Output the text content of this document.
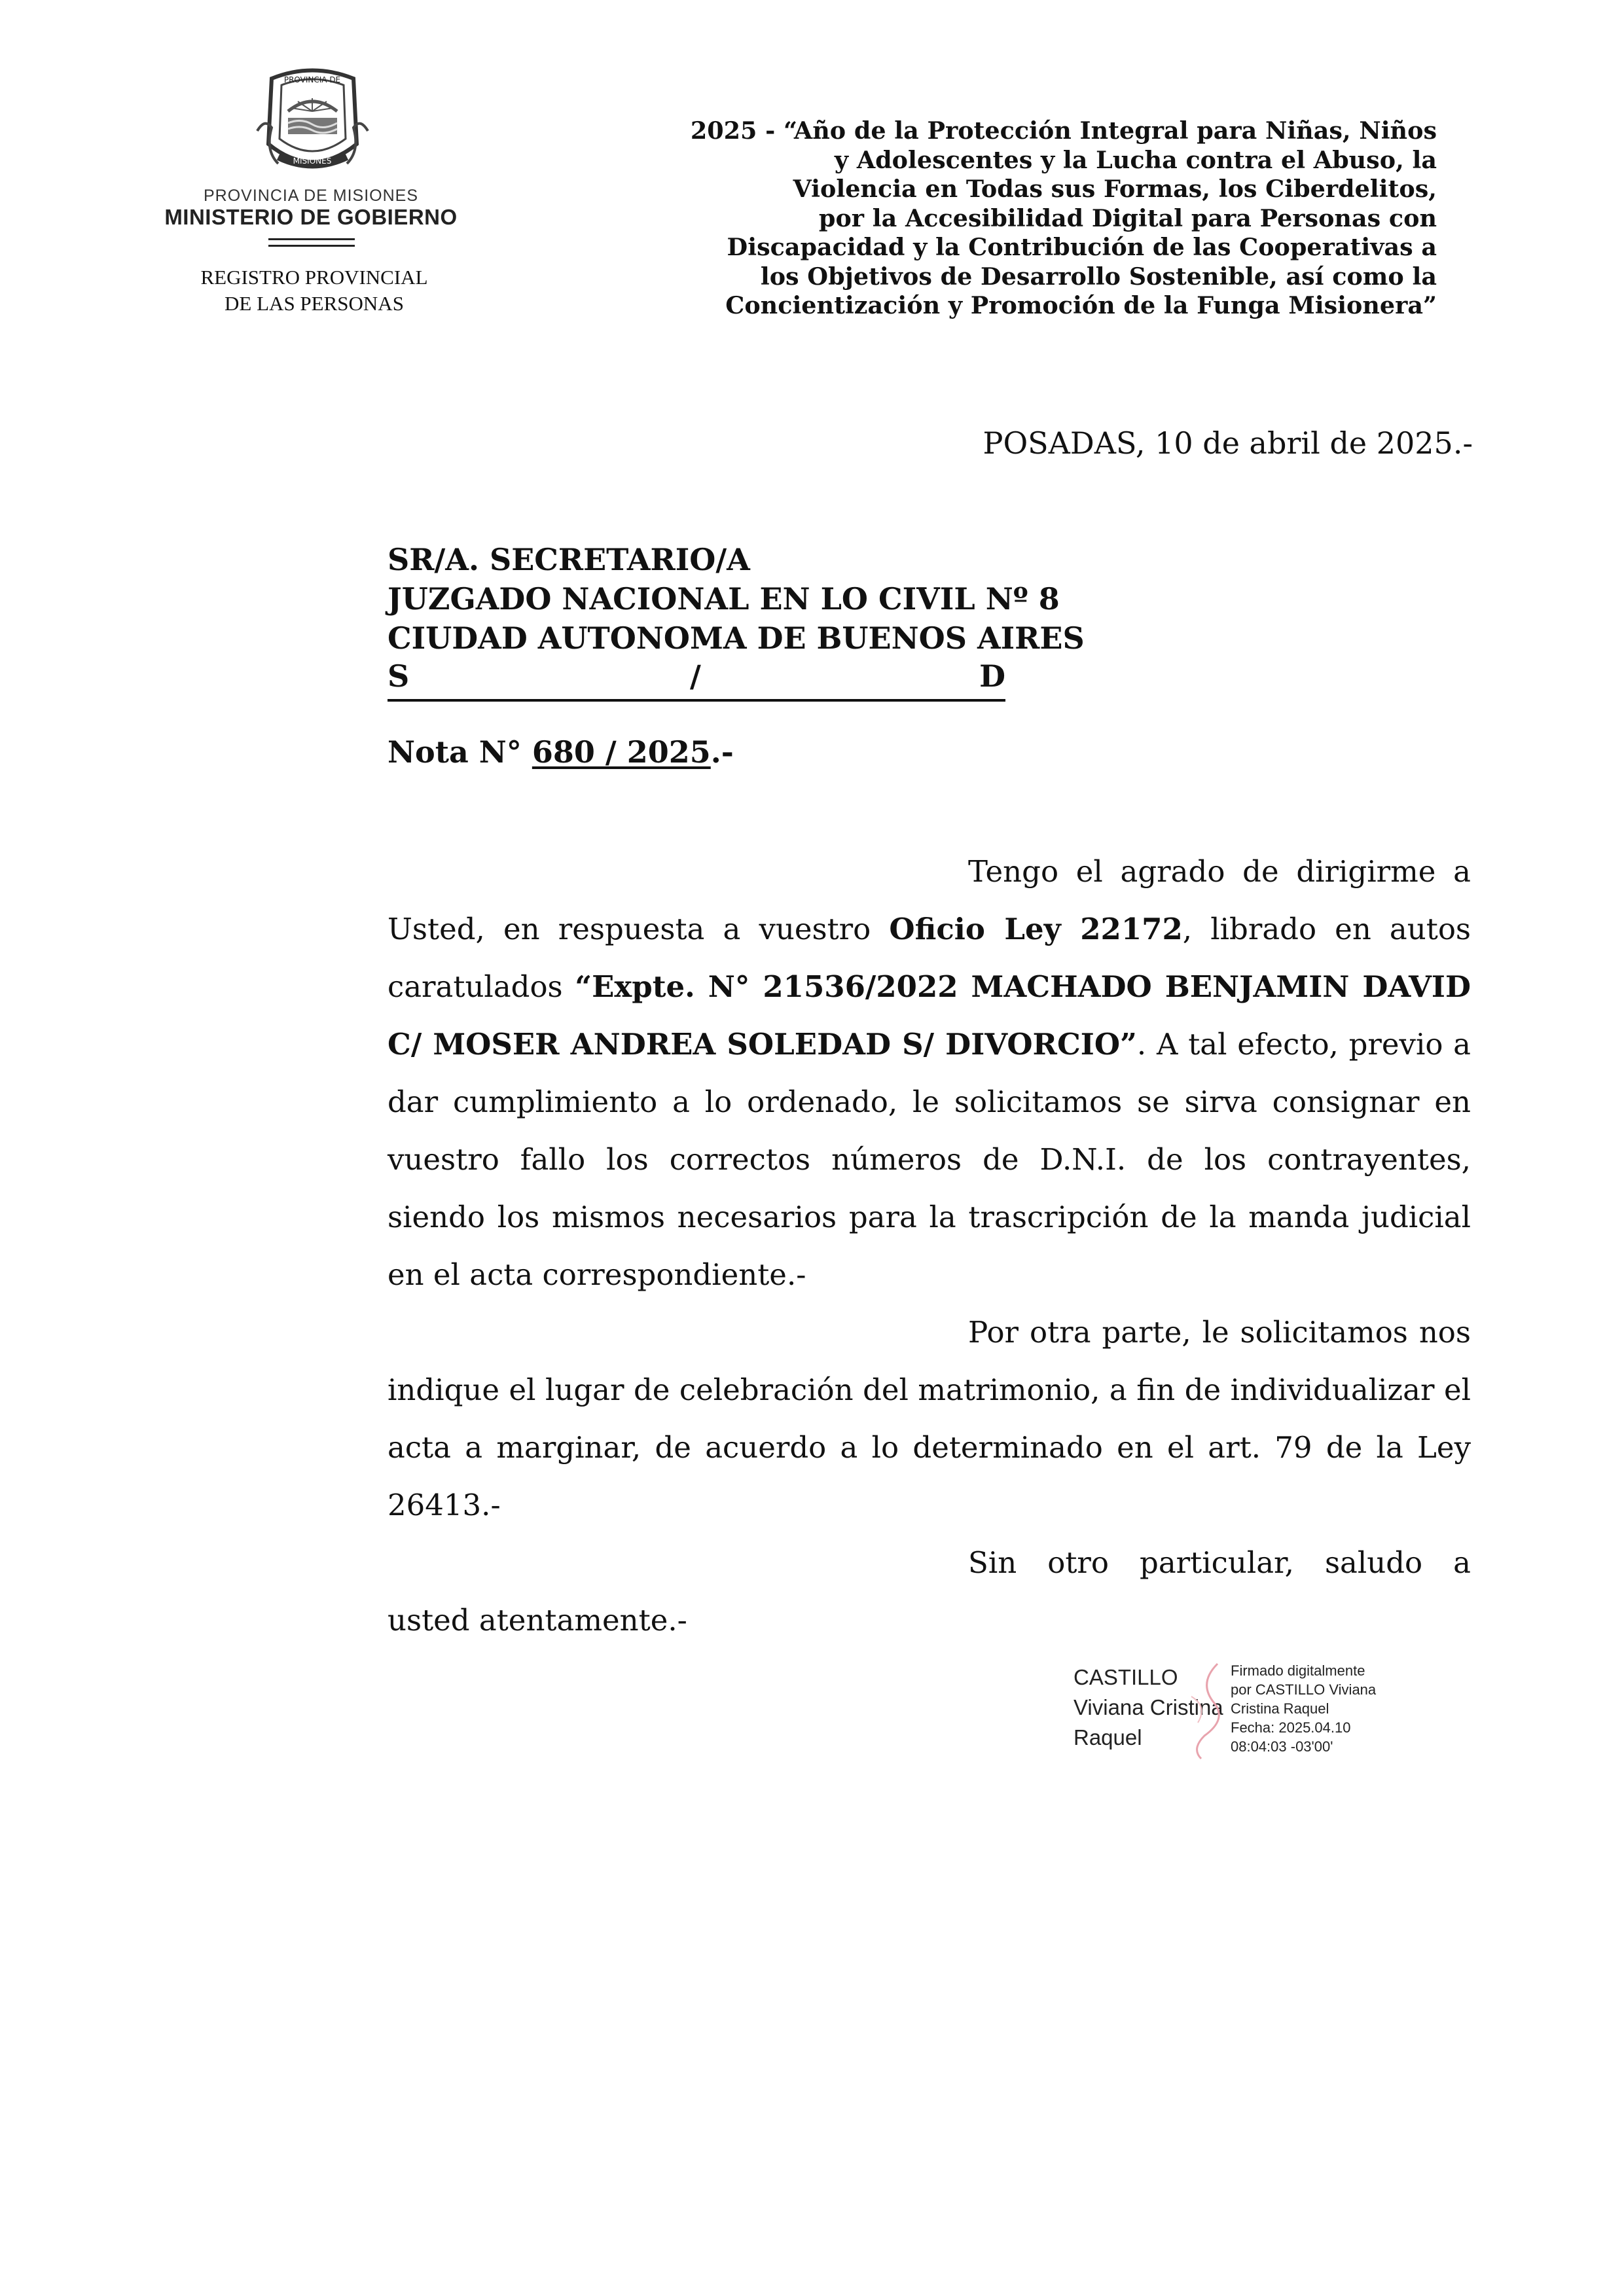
PROVINCIA DE
MISIONES
PROVINCIA DE MISIONES
MINISTERIO DE GOBIERNO
REGISTRO PROVINCIAL
DE LAS PERSONAS
2025 - “Año de la Protección Integral para Niñas, Niños
y Adolescentes y la Lucha contra el Abuso, la
Violencia en Todas sus Formas, los Ciberdelitos,
por la Accesibilidad Digital para Personas con
Discapacidad y la Contribución de las Cooperativas a
los Objetivos de Desarrollo Sostenible, así como la
Concientización y Promoción de la Funga Misionera”
POSADAS, 10 de abril de 2025.-
SR/A. SECRETARIO/A
JUZGADO NACIONAL EN LO CIVIL Nº 8
CIUDAD AUTONOMA DE BUENOS AIRES
S	/	D
Nota N° 680 / 2025.-

Tengo el agrado de dirigirme a Usted, en respuesta a vuestro Oficio Ley 22172, librado en autos caratulados “Expte. N° 21536/2022 MACHADO BENJAMIN DAVID C/ MOSER ANDREA SOLEDAD S/ DIVORCIO”. A tal efecto, previo a dar cumplimiento a lo ordenado, le solicitamos se sirva consignar en vuestro fallo los correctos números de D.N.I. de los contrayentes, siendo los mismos necesarios para la trascripción de la manda judicial en el acta correspondiente.-

Por otra parte, le solicitamos nos indique el lugar de celebración del matrimonio, a fin de individualizar el acta a marginar, de acuerdo a lo determinado en el art. 79 de la Ley 26413.-

Sin otro particular, saludo a usted atentamente.-

CASTILLO
Viviana Cristina
Raquel
Firmado digitalmente
por CASTILLO Viviana
Cristina Raquel
Fecha: 2025.04.10
08:04:03 -03'00'
